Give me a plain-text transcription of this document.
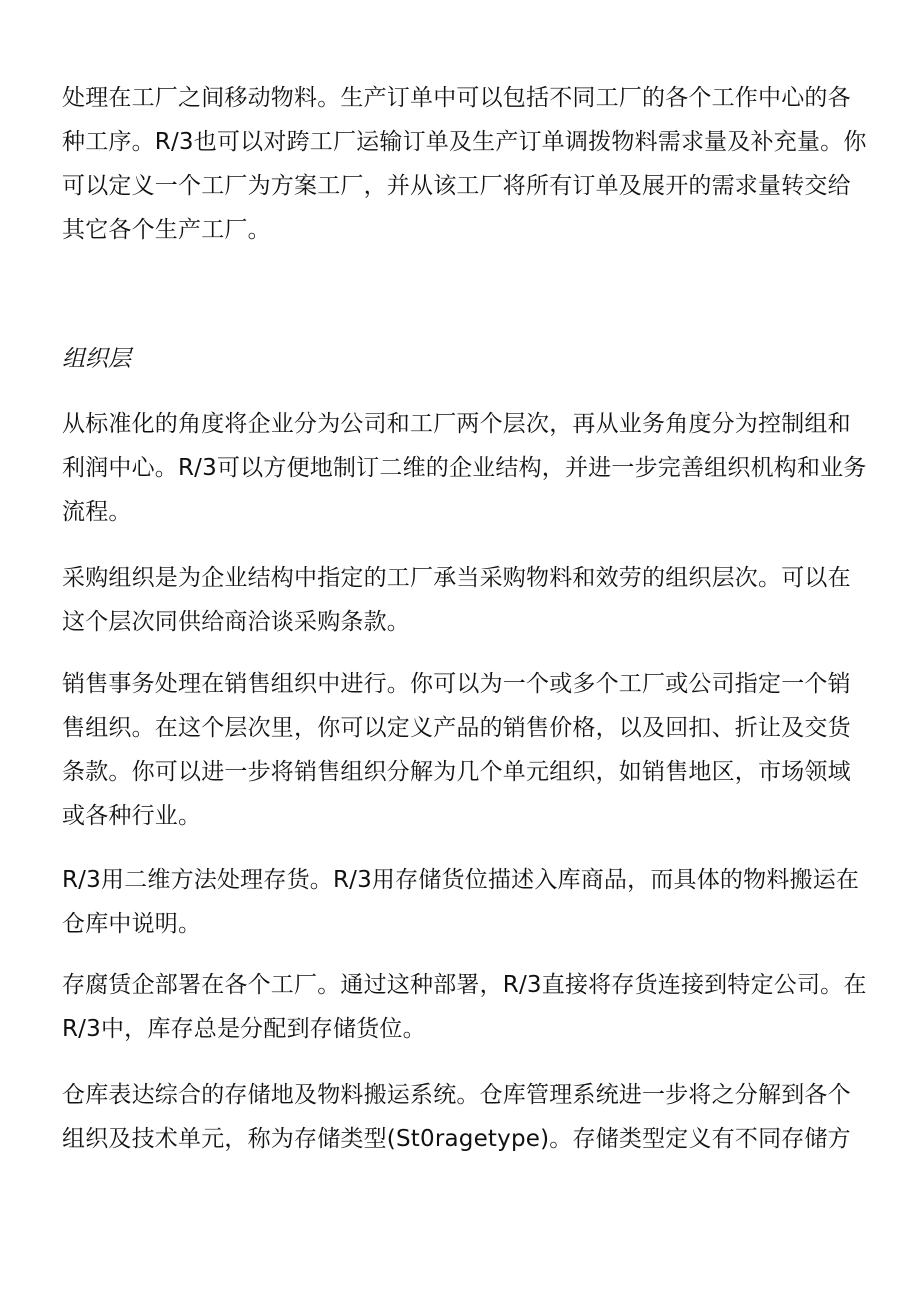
处理在工厂之间移动物料。生产订单中可以包括不同工厂的各个工作中心的各
种工序。R/3也可以对跨工厂运输订单及生产订单调拨物料需求量及补充量。你
可以定义一个工厂为方案工厂，并从该工厂将所有订单及展开的需求量转交给
其它各个生产工厂。
组织层
从标准化的角度将企业分为公司和工厂两个层次，再从业务角度分为控制组和
利润中心。R/3可以方便地制订二维的企业结构，并进一步完善组织机构和业务
流程。
采购组织是为企业结构中指定的工厂承当采购物料和效劳的组织层次。可以在
这个层次同供给商洽谈采购条款。
销售事务处理在销售组织中进行。你可以为一个或多个工厂或公司指定一个销
售组织。在这个层次里，你可以定义产品的销售价格，以及回扣、折让及交货
条款。你可以进一步将销售组织分解为几个单元组织，如销售地区，市场领域
或各种行业。
R/3用二维方法处理存货。R/3用存储货位描述入库商品，而具体的物料搬运在
仓库中说明。
存腐赁企部署在各个工厂。通过这种部署，R/3直接将存货连接到特定公司。在
R/3中，库存总是分配到存储货位。
仓库表达综合的存储地及物料搬运系统。仓库管理系统进一步将之分解到各个
组织及技术单元，称为存储类型(St0ragetype)。存储类型定义有不同存储方
